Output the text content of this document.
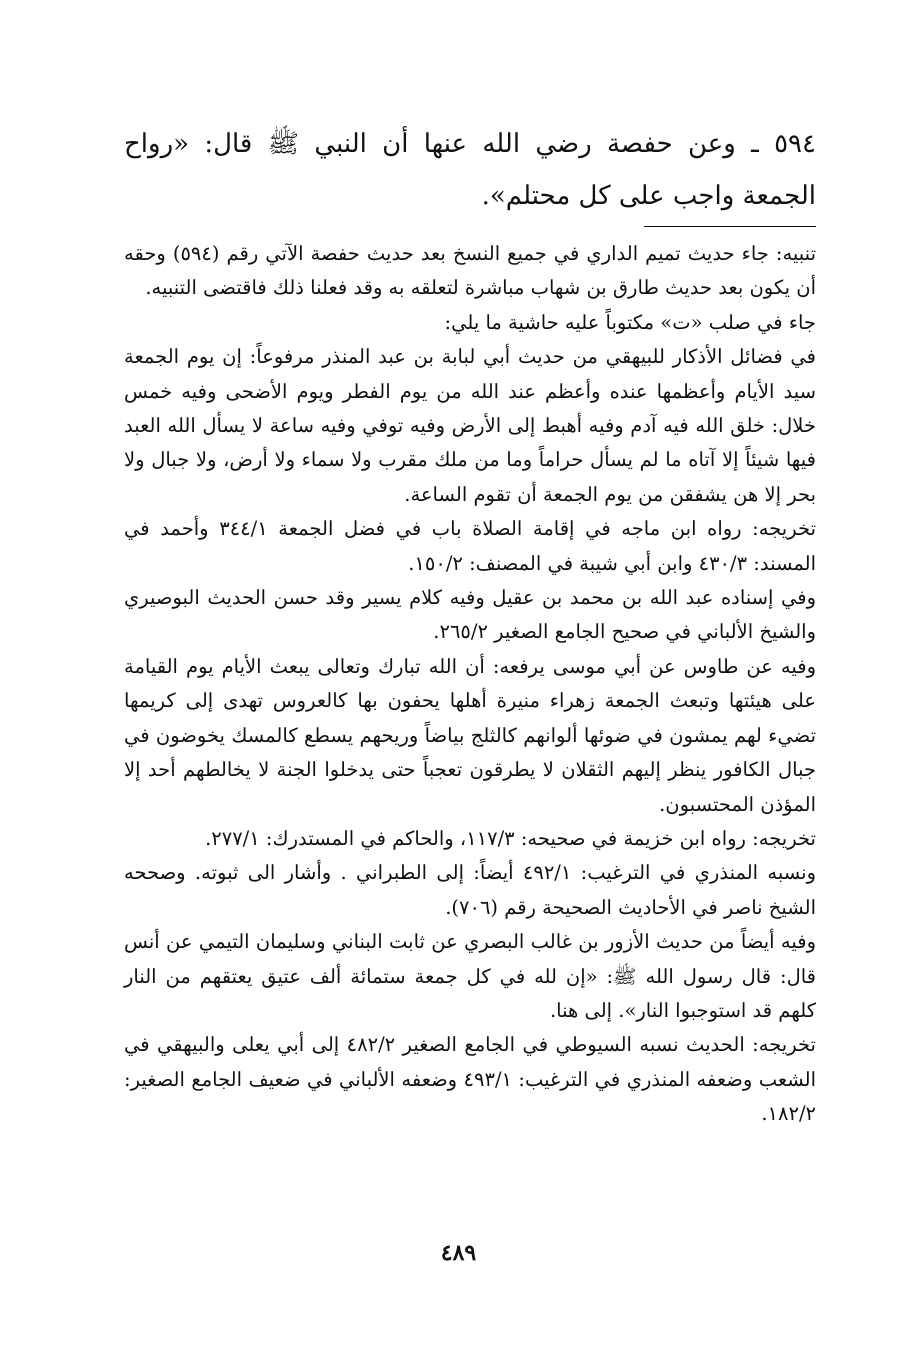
٥٩٤ ـ وعن حفصة رضي الله عنها أن النبي ﷺ قال: «رواح الجمعة واجب على كل محتلم».

تنبيه: جاء حديث تميم الداري في جميع النسخ بعد حديث حفصة الآتي رقم (٥٩٤) وحقه أن يكون بعد حديث طارق بن شهاب مباشرة لتعلقه به وقد فعلنا ذلك فاقتضى التنبيه.

جاء في صلب «ت» مكتوباً عليه حاشية ما يلي:

في فضائل الأذكار للبيهقي من حديث أبي لبابة بن عبد المنذر مرفوعاً: إن يوم الجمعة سيد الأيام وأعظمها عنده وأعظم عند الله من يوم الفطر ويوم الأضحى وفيه خمس خلال: خلق الله فيه آدم وفيه أهبط إلى الأرض وفيه توفي وفيه ساعة لا يسأل الله العبد فيها شيئاً إلا آتاه ما لم يسأل حراماً وما من ملك مقرب ولا سماء ولا أرض، ولا جبال ولا بحر إلا هن يشفقن من يوم الجمعة أن تقوم الساعة.

تخريجه: رواه ابن ماجه في إقامة الصلاة باب في فضل الجمعة ٣٤٤/١ وأحمد في المسند: ٤٣٠/٣ وابن أبي شيبة في المصنف: ١٥٠/٢.

وفي إسناده عبد الله بن محمد بن عقيل وفيه كلام يسير وقد حسن الحديث البوصيري والشيخ الألباني في صحيح الجامع الصغير ٢٦٥/٢.

وفيه عن طاوس عن أبي موسى يرفعه: أن الله تبارك وتعالى يبعث الأيام يوم القيامة على هيئتها وتبعث الجمعة زهراء منيرة أهلها يحفون بها كالعروس تهدى إلى كريمها تضيء لهم يمشون في ضوئها ألوانهم كالثلج بياضاً وريحهم يسطع كالمسك يخوضون في جبال الكافور ينظر إليهم الثقلان لا يطرقون تعجباً حتى يدخلوا الجنة لا يخالطهم أحد إلا المؤذن المحتسبون.

تخريجه: رواه ابن خزيمة في صحيحه: ١١٧/٣، والحاكم في المستدرك: ٢٧٧/١.

ونسبه المنذري في الترغيب: ٤٩٢/١ أيضاً: إلى الطبراني . وأشار الى ثبوته. وصححه الشيخ ناصر في الأحاديث الصحيحة رقم (٧٠٦).

وفيه أيضاً من حديث الأزور بن غالب البصري عن ثابت البناني وسليمان التيمي عن أنس قال: قال رسول الله ﷺ: «إن لله في كل جمعة ستمائة ألف عتيق يعتقهم من النار كلهم قد استوجبوا النار». إلى هنا.

تخريجه: الحديث نسبه السيوطي في الجامع الصغير ٤٨٢/٢ إلى أبي يعلى والبيهقي في الشعب وضعفه المنذري في الترغيب: ٤٩٣/١ وضعفه الألباني في ضعيف الجامع الصغير: ١٨٢/٢.

٤٨٩
